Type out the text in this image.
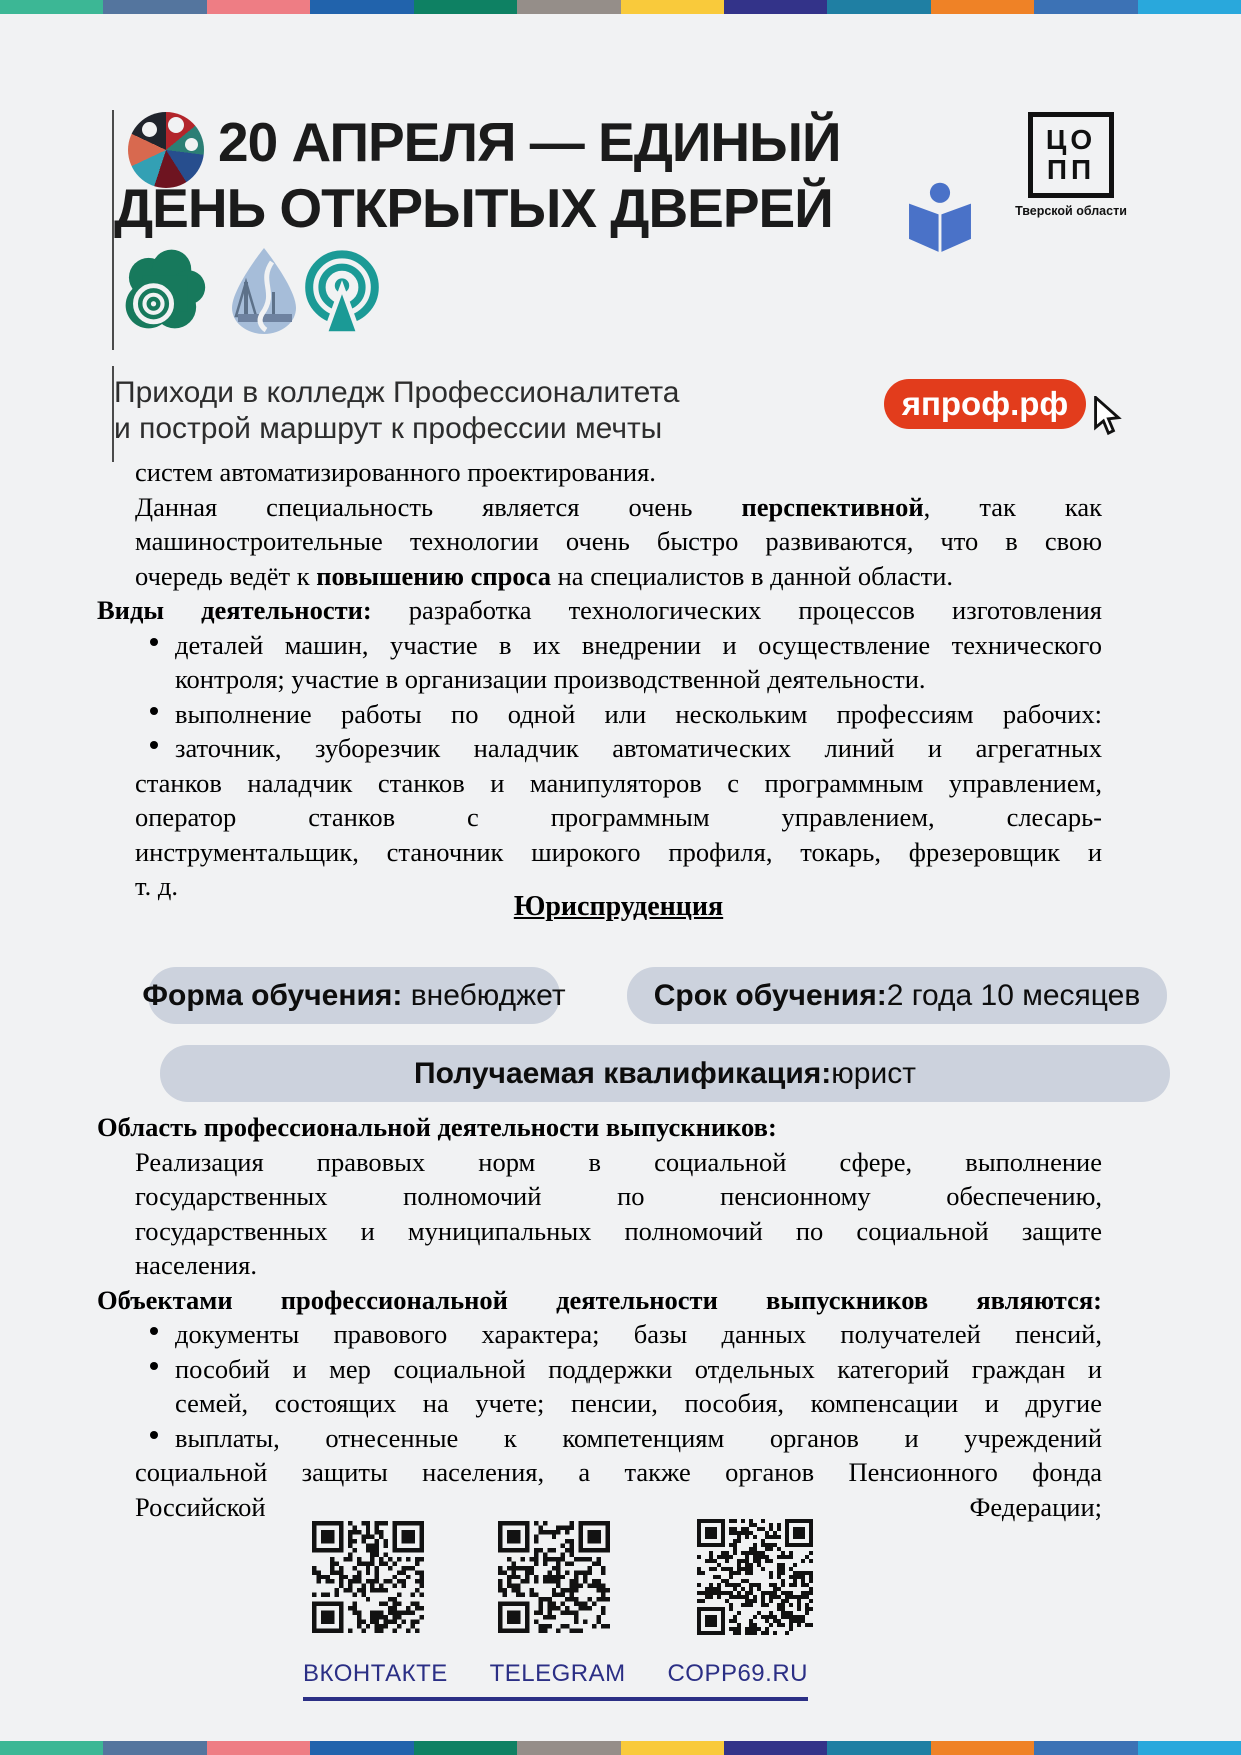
20 АПРЕЛЯ — ЕДИНЫЙ
ДЕНЬ ОТКРЫТЫХ ДВЕРЕЙ
ЦО
ПП
Тверской области
Приходи в колледж Профессионалитета
и построй маршрут к профессии мечты
япроф.рф
систем автоматизированного проектирования.
Данная специальность является очень перспективной, так как
машиностроительные технологии очень быстро развиваются, что в свою
очередь ведёт к повышению спроса на специалистов в данной области.
Виды деятельности: разработка технологических процессов изготовления
деталей машин, участие в их внедрении и осуществление технического
контроля; участие в организации производственной деятельности.
выполнение работы по одной или нескольким профессиям рабочих:
заточник, зуборезчик наладчик автоматических линий и агрегатных
станков наладчик станков и манипуляторов с программным управлением,
оператор станков с программным управлением, слесарь-
инструментальщик, станочник широкого профиля, токарь, фрезеровщик и
т. д.
Юриспруденция
Форма обучения: внебюджет	Срок обучения: 2 года 10 месяцев
Получаемая квалификация: юрист
Область профессиональной деятельности выпускников:
Реализация правовых норм в социальной сфере, выполнение
государственных полномочий по пенсионному обеспечению,
государственных и муниципальных полномочий по социальной защите
населения.
Объектами профессиональной деятельности выпускников являются:
документы правового характера; базы данных получателей пенсий,
пособий и мер социальной поддержки отдельных категорий граждан и
семей, состоящих на учете; пенсии, пособия, компенсации и другие
выплаты, отнесенные к компетенциям органов и учреждений
социальной защиты населения, а также органов Пенсионного фонда
Российской	Федерации;
ВКОНТАКТЕ TELEGRAM COPP69.RU
